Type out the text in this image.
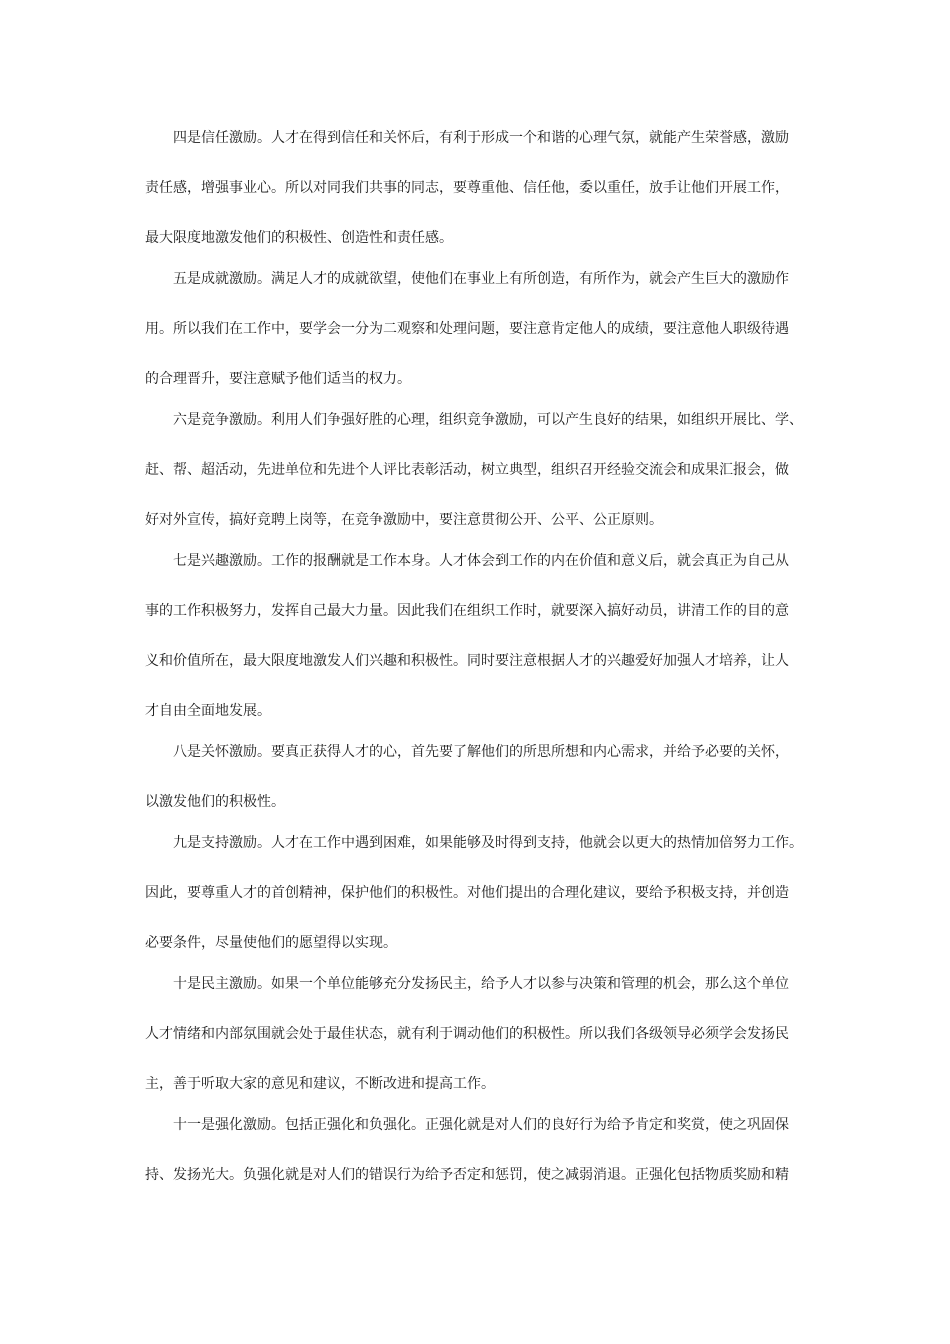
四是信任激励。人才在得到信任和关怀后，有利于形成一个和谐的心理气氛，就能产生荣誉感，激励
责任感，增强事业心。所以对同我们共事的同志，要尊重他、信任他，委以重任，放手让他们开展工作，
最大限度地激发他们的积极性、创造性和责任感。
五是成就激励。满足人才的成就欲望，使他们在事业上有所创造，有所作为，就会产生巨大的激励作
用。所以我们在工作中，要学会一分为二观察和处理问题，要注意肯定他人的成绩，要注意他人职级待遇
的合理晋升，要注意赋予他们适当的权力。
六是竞争激励。利用人们争强好胜的心理，组织竞争激励，可以产生良好的结果，如组织开展比、学、
赶、帮、超活动，先进单位和先进个人评比表彰活动，树立典型，组织召开经验交流会和成果汇报会，做
好对外宣传，搞好竞聘上岗等，在竞争激励中，要注意贯彻公开、公平、公正原则。
七是兴趣激励。工作的报酬就是工作本身。人才体会到工作的内在价值和意义后，就会真正为自己从
事的工作积极努力，发挥自己最大力量。因此我们在组织工作时，就要深入搞好动员，讲清工作的目的意
义和价值所在，最大限度地激发人们兴趣和积极性。同时要注意根据人才的兴趣爱好加强人才培养，让人
才自由全面地发展。
八是关怀激励。要真正获得人才的心，首先要了解他们的所思所想和内心需求，并给予必要的关怀，
以激发他们的积极性。
九是支持激励。人才在工作中遇到困难，如果能够及时得到支持，他就会以更大的热情加倍努力工作。
因此，要尊重人才的首创精神，保护他们的积极性。对他们提出的合理化建议，要给予积极支持，并创造
必要条件，尽量使他们的愿望得以实现。
十是民主激励。如果一个单位能够充分发扬民主，给予人才以参与决策和管理的机会，那么这个单位
人才情绪和内部氛围就会处于最佳状态，就有利于调动他们的积极性。所以我们各级领导必须学会发扬民
主，善于听取大家的意见和建议，不断改进和提高工作。
十一是强化激励。包括正强化和负强化。正强化就是对人们的良好行为给予肯定和奖赏，使之巩固保
持、发扬光大。负强化就是对人们的错误行为给予否定和惩罚，使之减弱消退。正强化包括物质奖励和精
